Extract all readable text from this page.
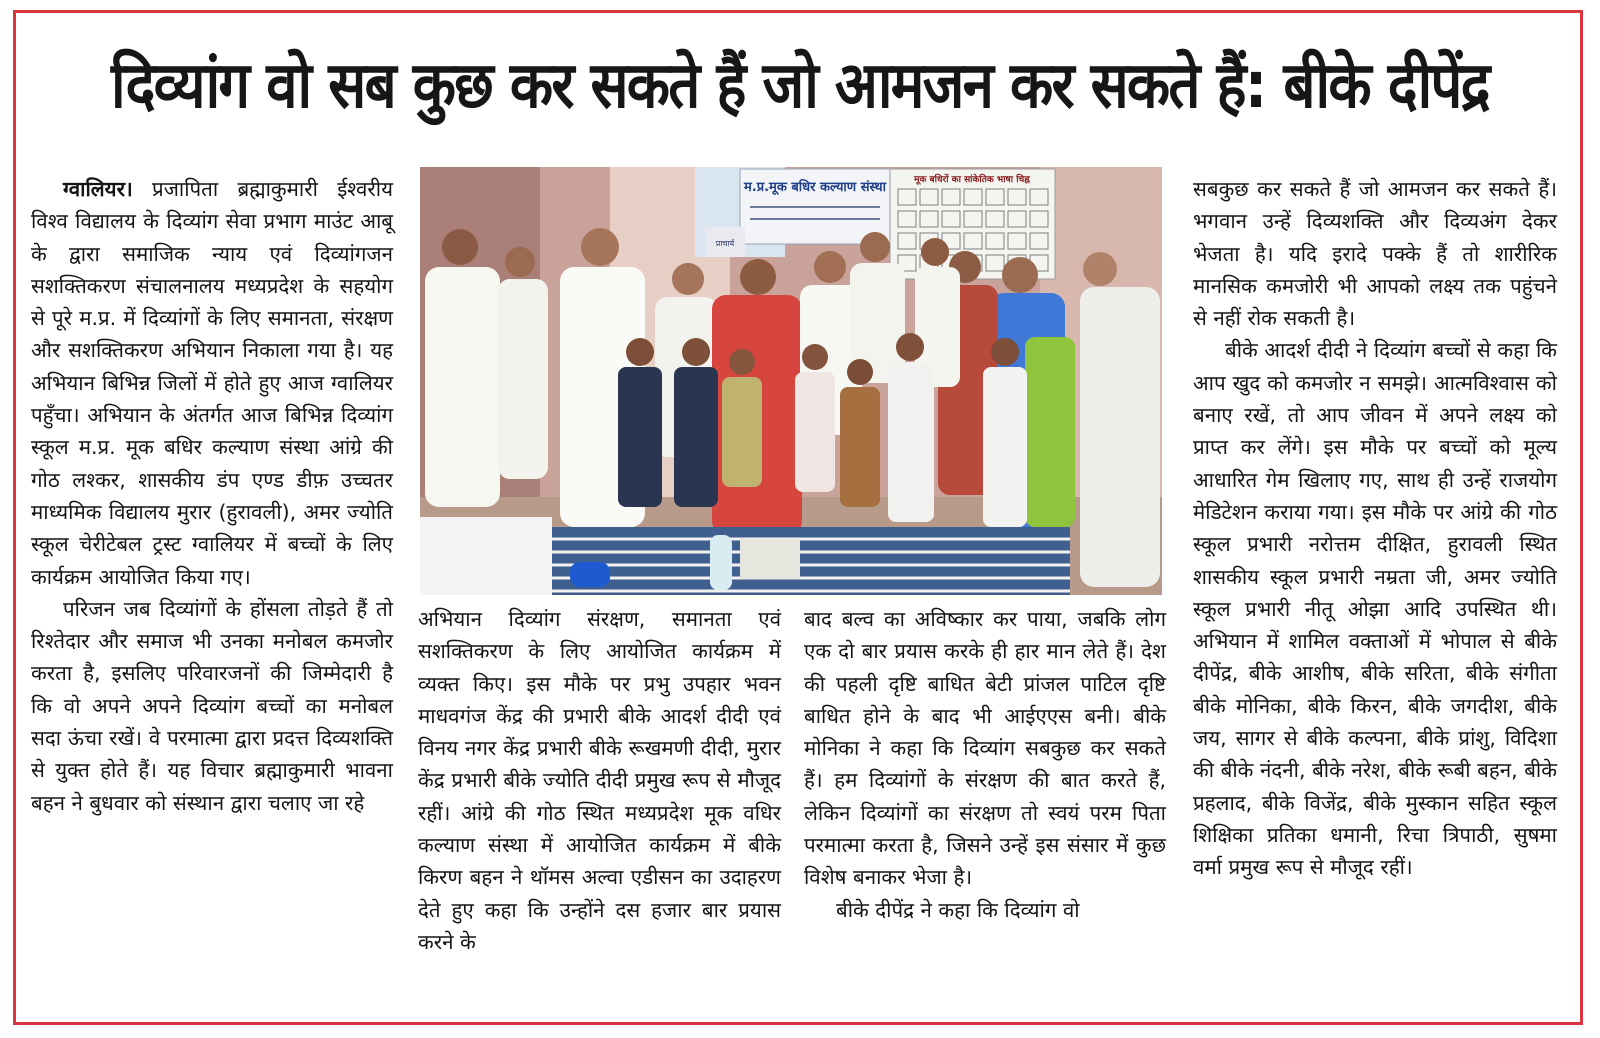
दिव्यांग वो सब कुछ कर सकते हैं जो आमजन कर सकते हैं: बीके दीपेंद्र

ग्वालियर। प्रजापिता ब्रह्माकुमारी ईश्वरीय विश्व विद्यालय के दिव्यांग सेवा प्रभाग माउंट आबू के द्वारा समाजिक न्याय एवं दिव्यांगजन सशक्तिकरण संचालनालय मध्यप्रदेश के सहयोग से पूरे म.प्र. में दिव्यांगों के लिए समानता, संरक्षण और सशक्तिकरण अभियान निकाला गया है। यह अभियान बिभिन्न जिलों में होते हुए आज ग्वालियर पहुँचा। अभियान के अंतर्गत आज बिभिन्न दिव्यांग स्कूल म.प्र. मूक बधिर कल्याण संस्था आंग्रे की गोठ लश्कर, शासकीय डंप एण्ड डीफ़ उच्चतर माध्यमिक विद्यालय मुरार (हुरावली), अमर ज्योति स्कूल चेरीटेबल ट्रस्ट ग्वालियर में बच्चों के लिए कार्यक्रम आयोजित किया गए।

परिजन जब दिव्यांगों के होंसला तोड़ते हैं तो रिश्तेदार और समाज भी उनका मनोबल कमजोर करता है, इसलिए परिवारजनों की जिम्मेदारी है कि वो अपने अपने दिव्यांग बच्चों का मनोबल सदा ऊंचा रखें। वे परमात्मा द्वारा प्रदत्त दिव्यशक्ति से युक्त होते हैं। यह विचार ब्रह्माकुमारी भावना बहन ने बुधवार को संस्थान द्वारा चलाए जा रहे

म.प्र.मूक बधिर कल्याण संस्था	मूक बधिरों का सांकेतिक भाषा चिह्न
प्राचार्य

अभियान दिव्यांग संरक्षण, समानता एवं सशक्तिकरण के लिए आयोजित कार्यक्रम में व्यक्त किए। इस मौके पर प्रभु उपहार भवन माधवगंज केंद्र की प्रभारी बीके आदर्श दीदी एवं विनय नगर केंद्र प्रभारी बीके रूखमणी दीदी, मुरार केंद्र प्रभारी बीके ज्योति दीदी प्रमुख रूप से मौजूद रहीं। आंग्रे की गोठ स्थित मध्यप्रदेश मूक वधिर कल्याण संस्था में आयोजित कार्यक्रम में बीके किरण बहन ने थॉमस अल्वा एडीसन का उदाहरण देते हुए कहा कि उन्होंने दस हजार बार प्रयास करने के

बाद बल्व का अविष्कार कर पाया, जबकि लोग एक दो बार प्रयास करके ही हार मान लेते हैं। देश की पहली दृष्टि बाधित बेटी प्रांजल पाटिल दृष्टि बाधित होने के बाद भी आईएएस बनी। बीके मोनिका ने कहा कि दिव्यांग सबकुछ कर सकते हैं। हम दिव्यांगों के संरक्षण की बात करते हैं, लेकिन दिव्यांगों का संरक्षण तो स्वयं परम पिता परमात्मा करता है, जिसने उन्हें इस संसार में कुछ विशेष बनाकर भेजा है।

बीके दीपेंद्र ने कहा कि दिव्यांग वो

सबकुछ कर सकते हैं जो आमजन कर सकते हैं। भगवान उन्हें दिव्यशक्ति और दिव्यअंग देकर भेजता है। यदि इरादे पक्के हैं तो शारीरिक मानसिक कमजोरी भी आपको लक्ष्य तक पहुंचने से नहीं रोक सकती है।

बीके आदर्श दीदी ने दिव्यांग बच्चों से कहा कि आप खुद को कमजोर न समझे। आत्मविश्वास को बनाए रखें, तो आप जीवन में अपने लक्ष्य को प्राप्त कर लेंगे। इस मौके पर बच्चों को मूल्य आधारित गेम खिलाए गए, साथ ही उन्हें राजयोग मेडिटेशन कराया गया। इस मौके पर आंग्रे की गोठ स्कूल प्रभारी नरोत्तम दीक्षित, हुरावली स्थित शासकीय स्कूल प्रभारी नम्रता जी, अमर ज्योति स्कूल प्रभारी नीतू ओझा आदि उपस्थित थी। अभियान में शामिल वक्ताओं में भोपाल से बीके दीपेंद्र, बीके आशीष, बीके सरिता, बीके संगीता बीके मोनिका, बीके किरन, बीके जगदीश, बीके जय, सागर से बीके कल्पना, बीके प्रांशु, विदिशा की बीके नंदनी, बीके नरेश, बीके रूबी बहन, बीके प्रहलाद, बीके विजेंद्र, बीके मुस्कान सहित स्कूल शिक्षिका प्रतिका धमानी, रिचा त्रिपाठी, सुषमा वर्मा प्रमुख रूप से मौजूद रहीं।
